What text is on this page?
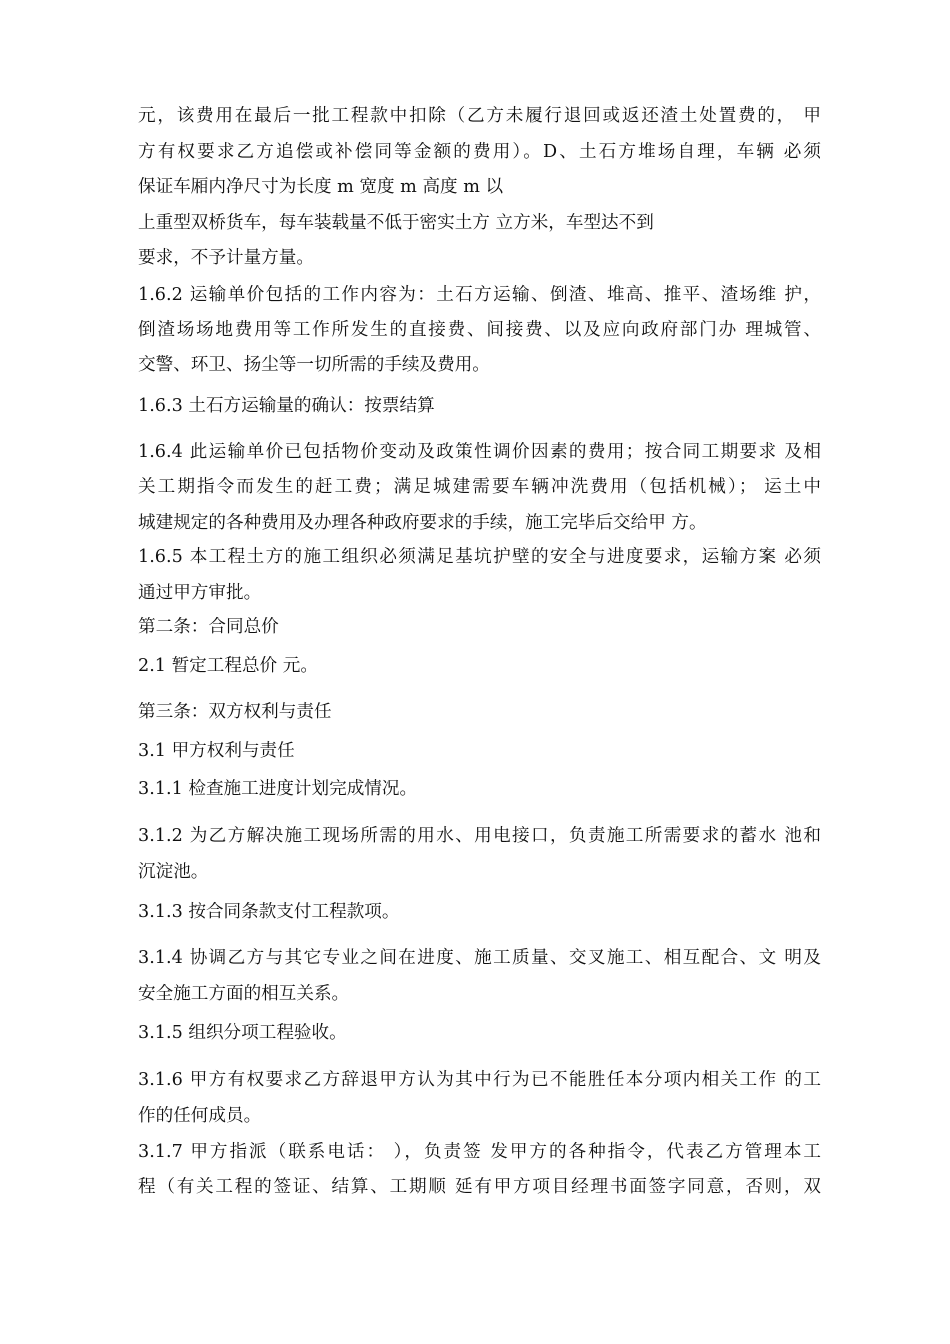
元，该费用在最后一批工程款中扣除（乙方未履行退回或返还渣土处置费的， 甲
方有权要求乙方追偿或补偿同等金额的费用）。D、土石方堆场自理，车辆 必须
保证车厢内净尺寸为长度 m 宽度 m 高度 m 以
上重型双桥货车，每车装载量不低于密实土方 立方米，车型达不到
要求，不予计量方量。
1.6.2 运输单价包括的工作内容为：土石方运输、倒渣、堆高、推平、渣场维 护，
倒渣场场地费用等工作所发生的直接费、间接费、以及应向政府部门办 理城管、
交警、环卫、扬尘等一切所需的手续及费用。
1.6.3 土石方运输量的确认：按票结算
1.6.4 此运输单价已包括物价变动及政策性调价因素的费用；按合同工期要求 及相
关工期指令而发生的赶工费；满足城建需要车辆冲洗费用（包括机械）； 运土中
城建规定的各种费用及办理各种政府要求的手续，施工完毕后交给甲 方。
1.6.5 本工程土方的施工组织必须满足基坑护壁的安全与进度要求，运输方案 必须
通过甲方审批。
第二条：合同总价
2.1 暂定工程总价 元。
第三条：双方权利与责任
3.1 甲方权利与责任
3.1.1 检查施工进度计划完成情况。
3.1.2 为乙方解决施工现场所需的用水、用电接口，负责施工所需要求的蓄水 池和
沉淀池。
3.1.3 按合同条款支付工程款项。
3.1.4 协调乙方与其它专业之间在进度、施工质量、交叉施工、相互配合、文 明及
安全施工方面的相互关系。
3.1.5 组织分项工程验收。
3.1.6 甲方有权要求乙方辞退甲方认为其中行为已不能胜任本分项内相关工作 的工
作的任何成员。
3.1.7 甲方指派（联系电话： ），负责签 发甲方的各种指令，代表乙方管理本工
程（有关工程的签证、结算、工期顺 延有甲方项目经理书面签字同意，否则，双
